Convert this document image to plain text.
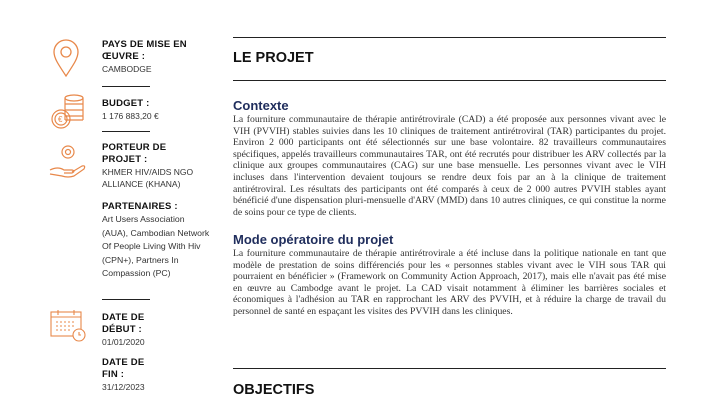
PAYS DE MISE EN ŒUVRE :
CAMBODGE
€
BUDGET :
1 176 883,20 €
PORTEUR DE PROJET :
KHMER HIV/AIDS NGO ALLIANCE (KHANA)
PARTENAIRES :
Art Users Association (AUA), Cambodian Network Of People Living With Hiv (CPN+), Partners In Compassion (PC)
DATE DE DÉBUT :
01/01/2020
DATE DE FIN :
31/12/2023
LE PROJET
Contexte
La fourniture communautaire de thérapie antirétrovirale (CAD) a été proposée aux personnes vivant avec le VIH (PVVIH) stables suivies dans les 10 cliniques de traitement antirétroviral (TAR) participantes du projet. Environ 2 000 participants ont été sélectionnés sur une base volontaire. 82 travailleurs communautaires spécifiques, appelés travailleurs communautaires TAR, ont été recrutés pour distribuer les ARV collectés par la clinique aux groupes communautaires (CAG) sur une base mensuelle. Les personnes vivant avec le VIH incluses dans l'intervention devaient toujours se rendre deux fois par an à la clinique de traitement antirétroviral. Les résultats des participants ont été comparés à ceux de 2 000 autres PVVIH stables ayant bénéficié d'une dispensation pluri-mensuelle d'ARV (MMD) dans 10 autres cliniques, ce qui constitue la norme de soins pour ce type de clients.
Mode opératoire du projet
La fourniture communautaire de thérapie antirétrovirale a été incluse dans la politique nationale en tant que modèle de prestation de soins différenciés pour les « personnes stables vivant avec le VIH sous TAR qui pourraient en bénéficier » (Framework on Community Action Approach, 2017), mais elle n'avait pas été mise en œuvre au Cambodge avant le projet. La CAD visait notamment à éliminer les barrières sociales et économiques à l'adhésion au TAR en rapprochant les ARV des PVVIH, et à réduire la charge de travail du personnel de santé en espaçant les visites des PVVIH dans les cliniques.
OBJECTIFS
